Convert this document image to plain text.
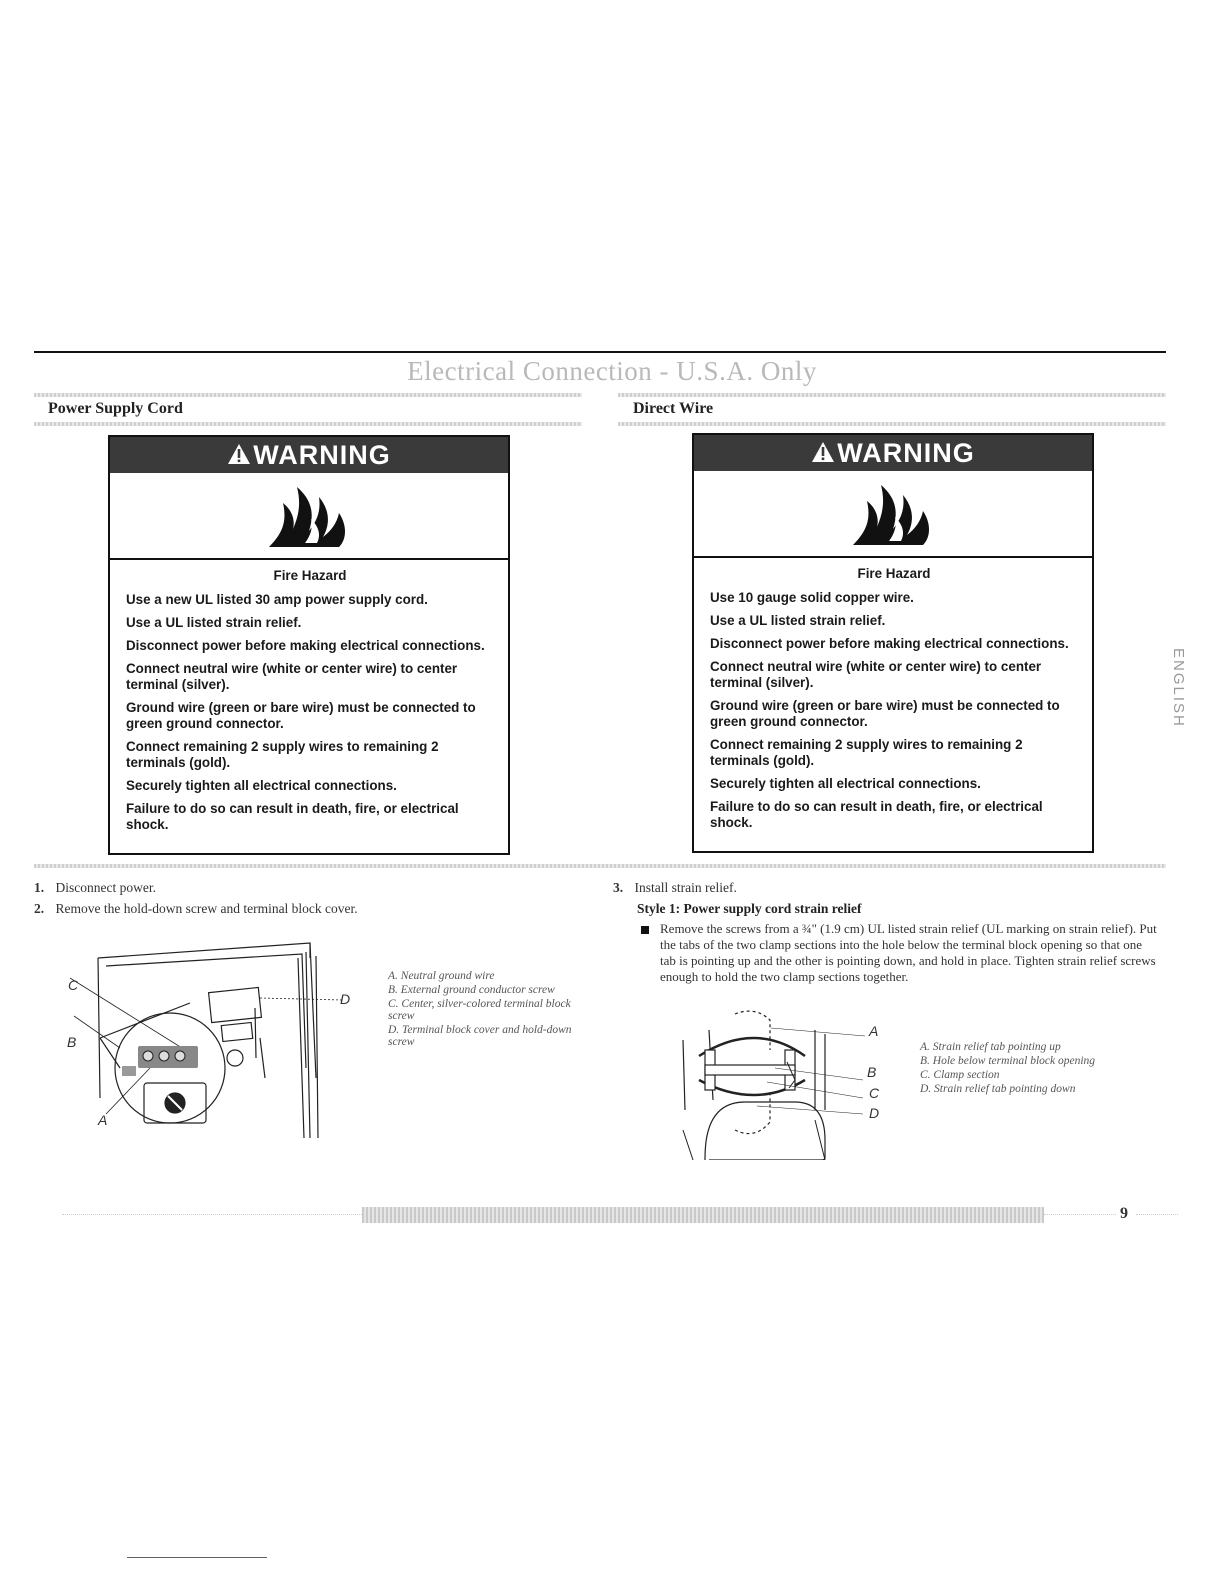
Electrical Connection - U.S.A. Only
Power Supply Cord	Direct Wire
WARNING
Fire Hazard

Use a new UL listed 30 amp power supply cord.

Use a UL listed strain relief.

Disconnect power before making electrical connections.

Connect neutral wire (white or center wire) to center terminal (silver).

Ground wire (green or bare wire) must be connected to green ground connector.

Connect remaining 2 supply wires to remaining 2 terminals (gold).

Securely tighten all electrical connections.

Failure to do so can result in death, fire, or electrical shock.

WARNING
Fire Hazard

Use 10 gauge solid copper wire.

Use a UL listed strain relief.

Disconnect power before making electrical connections.

Connect neutral wire (white or center wire) to center terminal (silver).

Ground wire (green or bare wire) must be connected to green ground connector.

Connect remaining 2 supply wires to remaining 2 terminals (gold).

Securely tighten all electrical connections.

Failure to do so can result in death, fire, or electrical shock.

ENGLISH
1. Disconnect power.
2. Remove the hold-down screw and terminal block cover.
C
B
A
D
A. Neutral ground wire
B. External ground conductor screw
C. Center, silver-colored terminal block screw
D. Terminal block cover and hold-down screw
3. Install strain relief.
Style 1: Power supply cord strain relief
Remove the screws from a ¾" (1.9 cm) UL listed strain relief (UL marking on strain relief). Put the tabs of the two clamp sections into the hole below the terminal block opening so that one tab is pointing up and the other is pointing down, and hold in place. Tighten strain relief screws enough to hold the two clamp sections together.
A
B
C
D
A. Strain relief tab pointing up
B. Hole below terminal block opening
C. Clamp section
D. Strain relief tab pointing down
9
